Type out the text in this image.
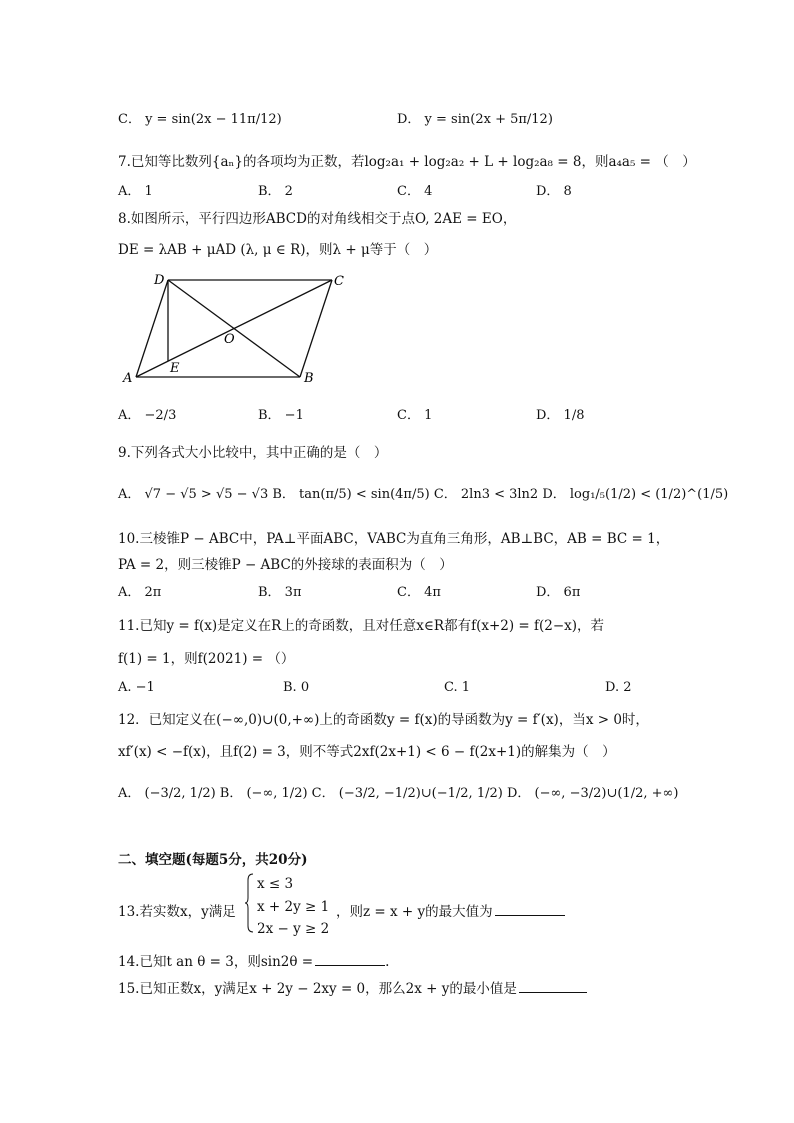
C． y = sin(2x − 11π/12)	D． y = sin(2x + 5π/12)
7.已知等比数列{aₙ}的各项均为正数，若log₂a₁ + log₂a₂ + L + log₂a₈ = 8，则a₄a₅ = （　）
A． 1	B． 2	C． 4	D． 8
8.如图所示，平行四边形ABCD的对角线相交于点O, 2AE = EO，
DE = λAB + μAD (λ, μ ∈ R)，则λ + μ等于（　）
A	B
C
D
E
O
A． −2/3	B． −1	C． 1	D． 1/8
9.下列各式大小比较中，其中正确的是（　）
A． √7 − √5 > √5 − √3 B． tan(π/5) < sin(4π/5) C． 2ln3 < 3ln2 D． log₁/₅(1/2) < (1/2)^(1/5)
10.三棱锥P − ABC中，PA⊥平面ABC，VABC为直角三角形，AB⊥BC，AB = BC = 1，
PA = 2，则三棱锥P − ABC的外接球的表面积为（　）
A． 2π	B． 3π	C． 4π	D． 6π
11.已知y = f(x)是定义在R上的奇函数，且对任意x∈R都有f(x+2) = f(2−x)，若
f(1) = 1，则f(2021) = （）
A. −1	B. 0	C. 1	D. 2
12．已知定义在(−∞,0)∪(0,+∞)上的奇函数y = f(x)的导函数为y = f′(x)，当x > 0时，
xf′(x) < −f(x)，且f(2) = 3，则不等式2xf(2x+1) < 6 − f(2x+1)的解集为（　）
A． (−3/2, 1/2) B． (−∞, 1/2) C． (−3/2, −1/2)∪(−1/2, 1/2) D． (−∞, −3/2)∪(1/2, +∞)
二、填空题(每题5分，共20分)
13.若实数x，y满足
x ≤ 3
x + 2y ≥ 1
2x − y ≥ 2
，则z = x + y的最大值为
14.已知t an θ = 3，则sin2θ =	.
15.已知正数x，y满足x + 2y − 2xy = 0，那么2x + y的最小值是
